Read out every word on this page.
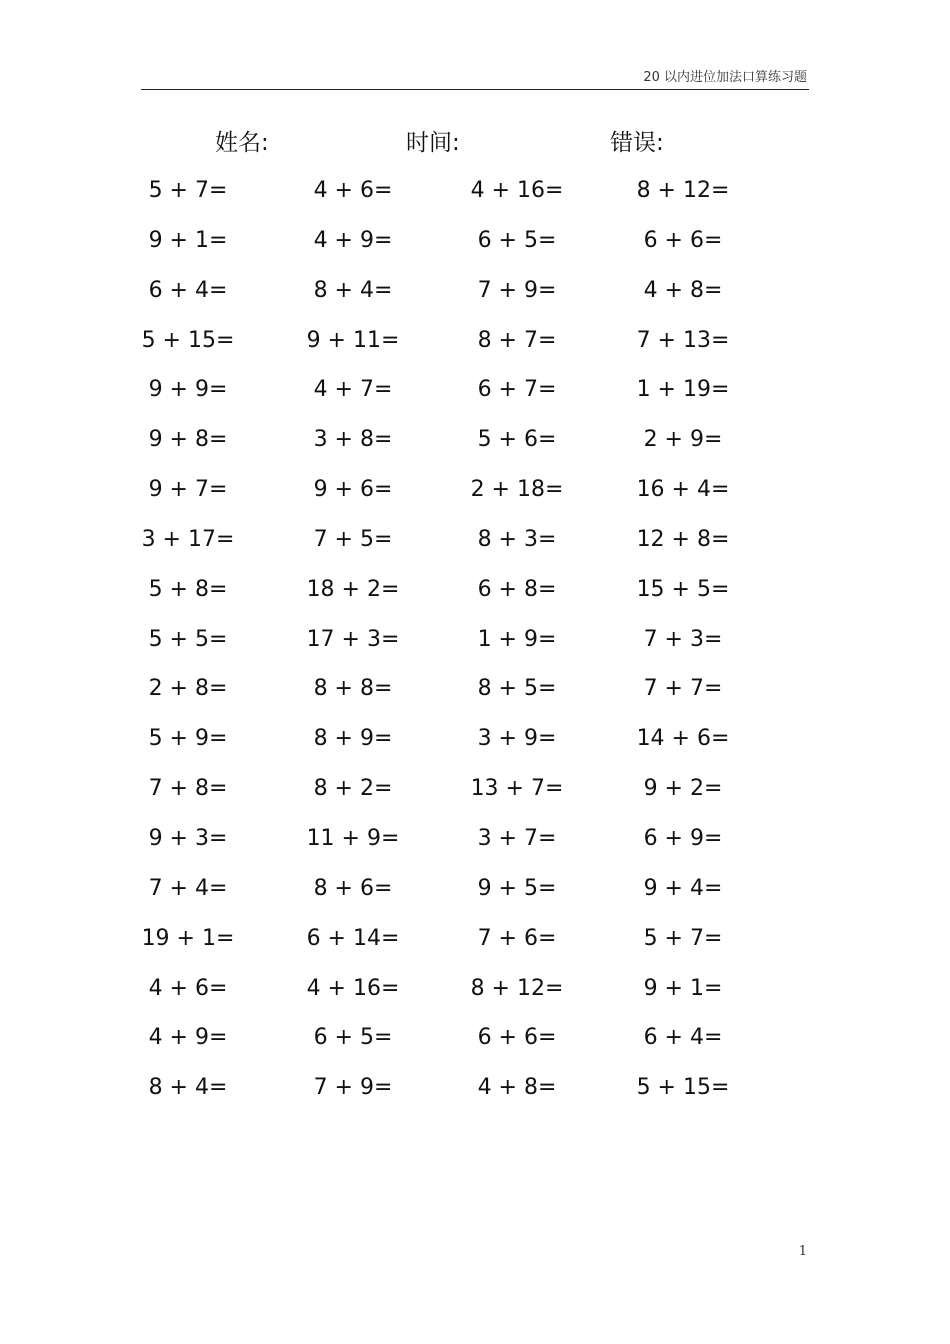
20 以内进位加法口算练习题
姓名:	时间:	错误:
5 + 7=	4 + 6=	4 + 16=	8 + 12=
9 + 1=	4 + 9=	6 + 5=	6 + 6=
6 + 4=	8 + 4=	7 + 9=	4 + 8=
5 + 15=	9 + 11=	8 + 7=	7 + 13=
9 + 9=	4 + 7=	6 + 7=	1 + 19=
9 + 8=	3 + 8=	5 + 6=	2 + 9=
9 + 7=	9 + 6=	2 + 18=	16 + 4=
3 + 17=	7 + 5=	8 + 3=	12 + 8=
5 + 8=	18 + 2=	6 + 8=	15 + 5=
5 + 5=	17 + 3=	1 + 9=	7 + 3=
2 + 8=	8 + 8=	8 + 5=	7 + 7=
5 + 9=	8 + 9=	3 + 9=	14 + 6=
7 + 8=	8 + 2=	13 + 7=	9 + 2=
9 + 3=	11 + 9=	3 + 7=	6 + 9=
7 + 4=	8 + 6=	9 + 5=	9 + 4=
19 + 1=	6 + 14=	7 + 6=	5 + 7=
4 + 6=	4 + 16=	8 + 12=	9 + 1=
4 + 9=	6 + 5=	6 + 6=	6 + 4=
8 + 4=	7 + 9=	4 + 8=	5 + 15=
1
